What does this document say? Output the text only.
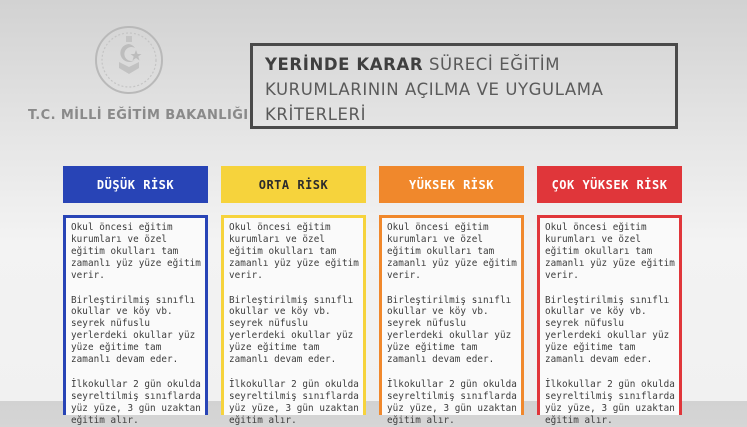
T.C. MİLLİ EĞİTİM BAKANLIĞI
YERİNDE KARAR SÜRECİ EĞİTİM
KURUMLARININ AÇILMA VE UYGULAMA
KRİTERLERİ
DÜŞÜK RİSK

Okul öncesi eğitim kurumları ve özel eğitim okulları tam zamanlı yüz yüze eğitim verir.

Birleştirilmiş sınıflı okullar ve köy vb. seyrek nüfuslu yerlerdeki okullar yüz yüze eğitime tam zamanlı devam eder.

İlkokullar 2 gün okulda seyreltilmiş sınıflarda yüz yüze, 3 gün uzaktan eğitim alır.

ORTA RİSK

Okul öncesi eğitim kurumları ve özel eğitim okulları tam zamanlı yüz yüze eğitim verir.

Birleştirilmiş sınıflı okullar ve köy vb. seyrek nüfuslu yerlerdeki okullar yüz yüze eğitime tam zamanlı devam eder.

İlkokullar 2 gün okulda seyreltilmiş sınıflarda yüz yüze, 3 gün uzaktan eğitim alır.

YÜKSEK RİSK

Okul öncesi eğitim kurumları ve özel eğitim okulları tam zamanlı yüz yüze eğitim verir.

Birleştirilmiş sınıflı okullar ve köy vb. seyrek nüfuslu yerlerdeki okullar yüz yüze eğitime tam zamanlı devam eder.

İlkokullar 2 gün okulda seyreltilmiş sınıflarda yüz yüze, 3 gün uzaktan eğitim alır.

ÇOK YÜKSEK RİSK

Okul öncesi eğitim kurumları ve özel eğitim okulları tam zamanlı yüz yüze eğitim verir.

Birleştirilmiş sınıflı okullar ve köy vb. seyrek nüfuslu yerlerdeki okullar yüz yüze eğitime tam zamanlı devam eder.

İlkokullar 2 gün okulda seyreltilmiş sınıflarda yüz yüze, 3 gün uzaktan eğitim alır.
